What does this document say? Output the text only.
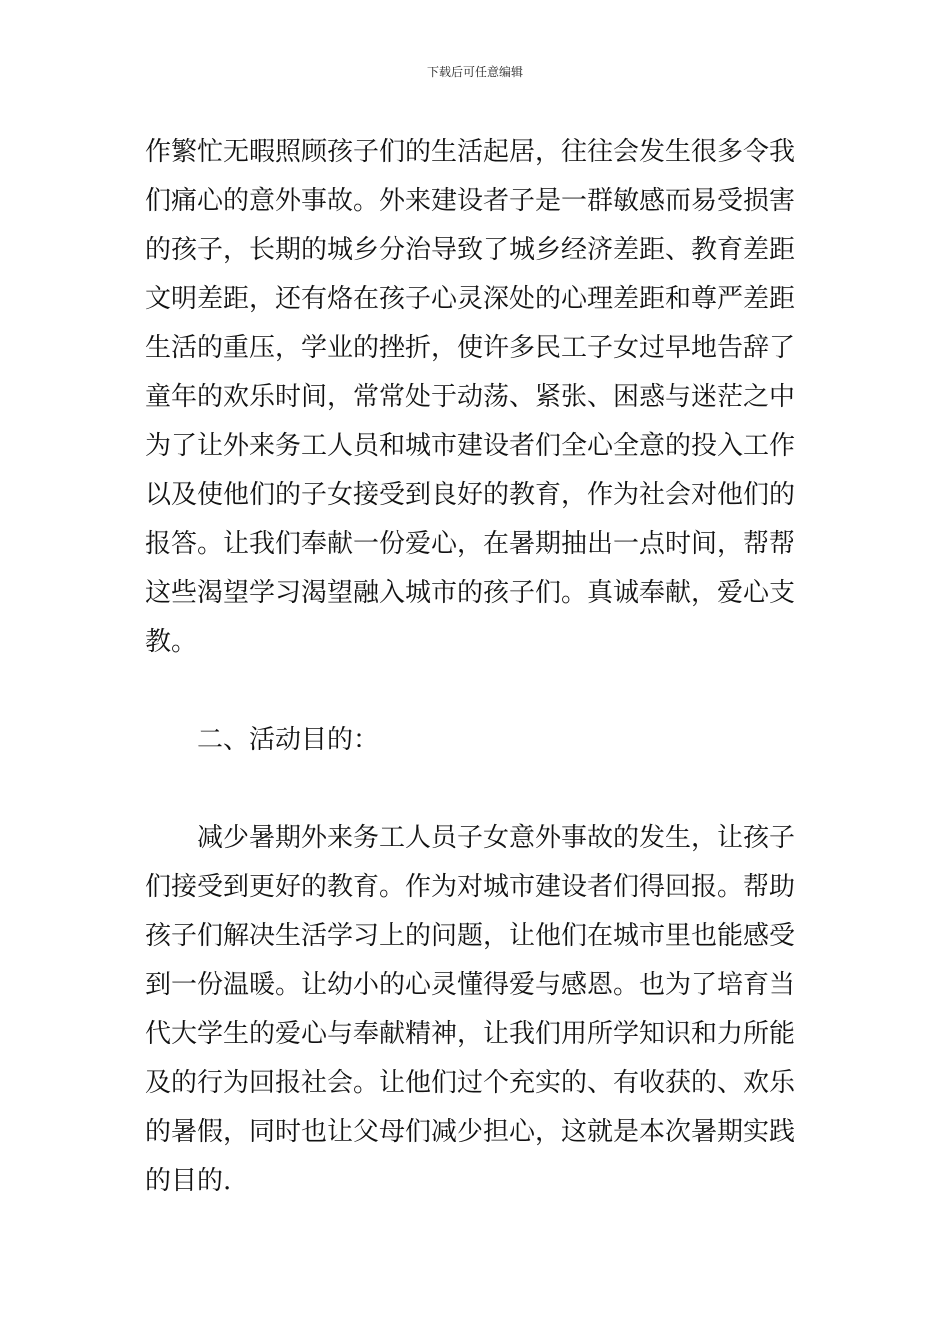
下载后可任意编辑
作繁忙无暇照顾孩子们的生活起居，往往会发生很多令我
们痛心的意外事故。外来建设者子是一群敏感而易受损害
的孩子，长期的城乡分治导致了城乡经济差距、教育差距
文明差距，还有烙在孩子心灵深处的心理差距和尊严差距
生活的重压，学业的挫折，使许多民工子女过早地告辞了
童年的欢乐时间，常常处于动荡、紧张、困惑与迷茫之中
为了让外来务工人员和城市建设者们全心全意的投入工作
以及使他们的子女接受到良好的教育，作为社会对他们的
报答。让我们奉献一份爱心，在暑期抽出一点时间，帮帮
这些渴望学习渴望融入城市的孩子们。真诚奉献，爱心支
教。
二、活动目的：
减少暑期外来务工人员子女意外事故的发生，让孩子
们接受到更好的教育。作为对城市建设者们得回报。帮助
孩子们解决生活学习上的问题，让他们在城市里也能感受
到一份温暖。让幼小的心灵懂得爱与感恩。也为了培育当
代大学生的爱心与奉献精神，让我们用所学知识和力所能
及的行为回报社会。让他们过个充实的、有收获的、欢乐
的暑假，同时也让父母们减少担心，这就是本次暑期实践
的目的.
